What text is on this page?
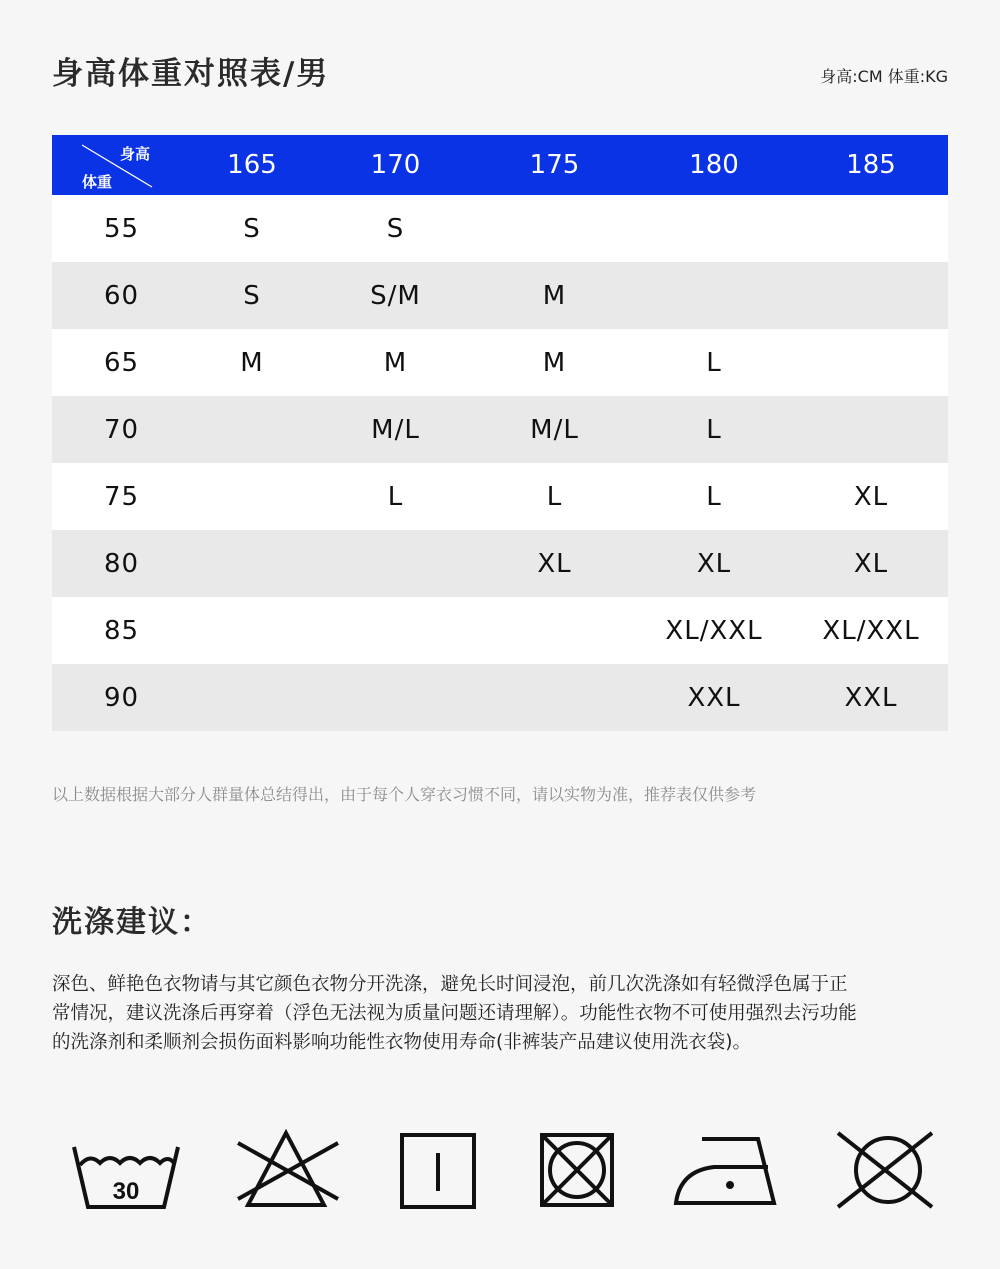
身高体重对照表/男	身高:CM 体重:KG
身高
体重	165	170	175	180	185
55	S	S			
60	S	S/M	M		
65	M	M	M	L	
70		M/L	M/L	L	
75		L	L	L	XL
80			XL	XL	XL
85				XL/XXL	XL/XXL
90				XXL	XXL
以上数据根据大部分人群量体总结得出，由于每个人穿衣习惯不同，请以实物为准，推荐表仅供参考
洗涤建议：

深色、鲜艳色衣物请与其它颜色衣物分开洗涤，避免长时间浸泡，前几次洗涤如有轻微浮色属于正
常情况，建议洗涤后再穿着（浮色无法视为质量问题还请理解）。功能性衣物不可使用强烈去污功能
的洗涤剂和柔顺剂会损伤面料影响功能性衣物使用寿命(非裤装产品建议使用洗衣袋)。

30
